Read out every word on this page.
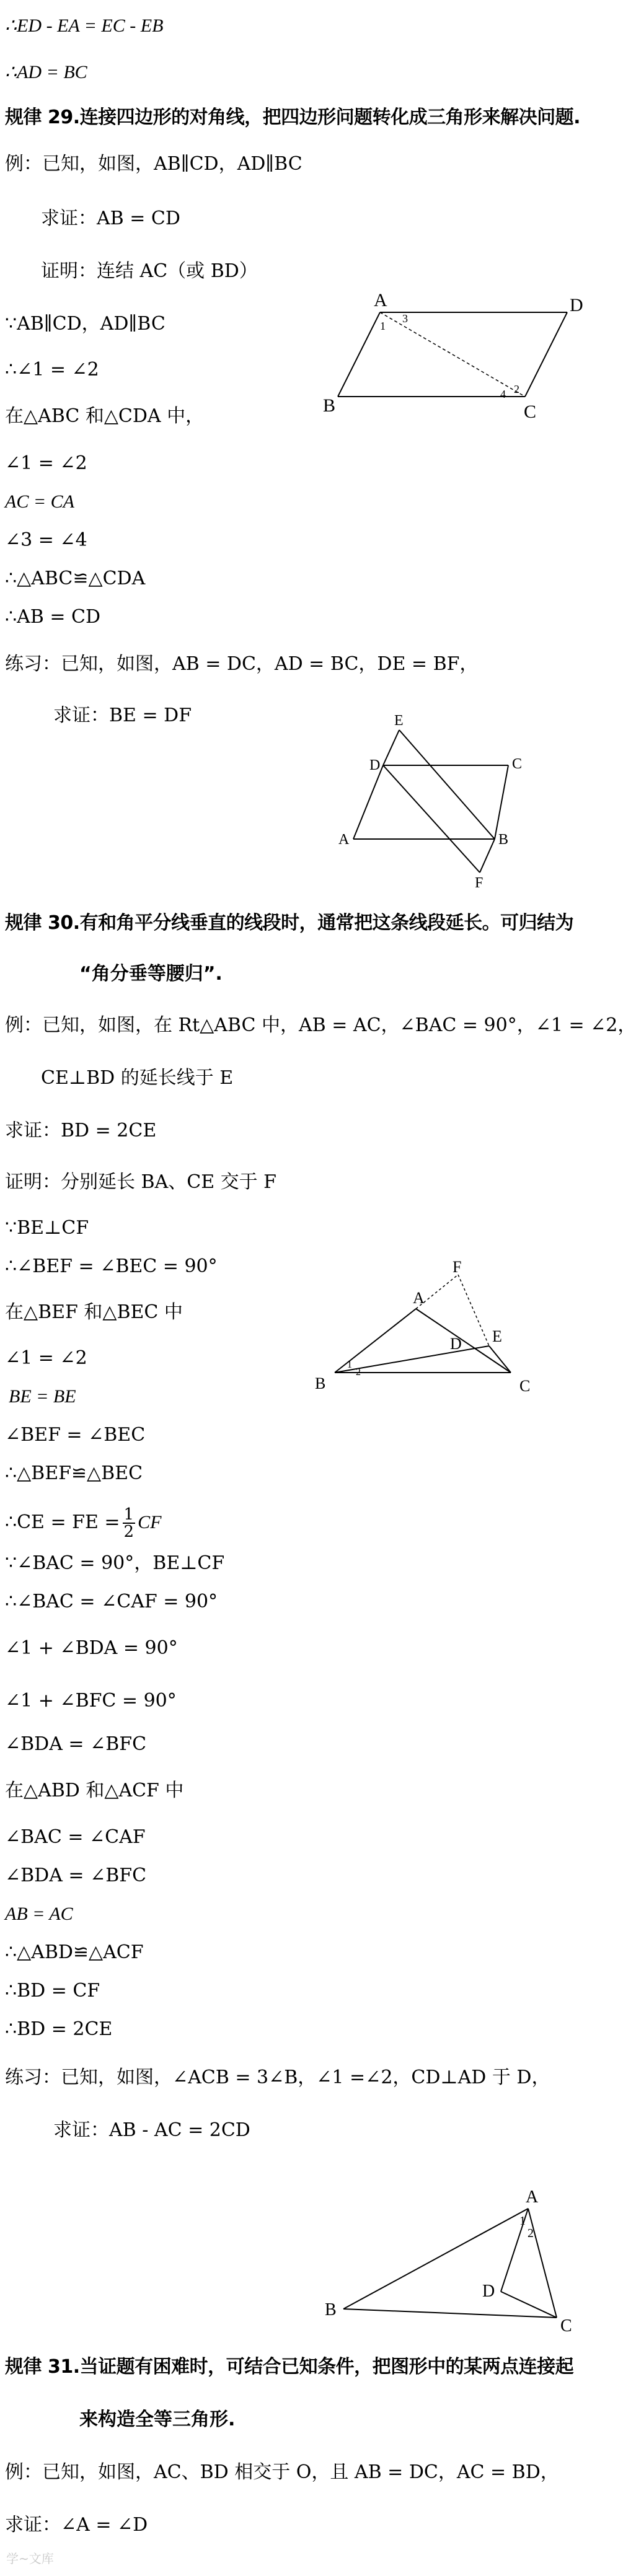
∴ED - EA = EC - EB
∴AD = BC
规律 29.连接四边形的对角线，把四边形问题转化成三角形来解决问题.
例：已知，如图，AB∥CD，AD∥BC
求证：AB = CD
证明：连结 AC（或 BD）
∵AB∥CD，AD∥BC
∴∠1 = ∠2
在△ABC 和△CDA 中，
∠1 = ∠2
AC = CA
∠3 = ∠4
∴△ABC≌△CDA
∴AB = CD
练习：已知，如图，AB = DC，AD = BC，DE = BF，
求证：BE = DF
规律 30.有和角平分线垂直的线段时，通常把这条线段延长。可归结为
“角分垂等腰归”.
例：已知，如图，在 Rt△ABC 中，AB = AC，∠BAC = 90°，∠1 = ∠2，
CE⊥BD 的延长线于 E
求证：BD = 2CE
证明：分别延长 BA、CE 交于 F
∵BE⊥CF
∴∠BEF = ∠BEC = 90°
在△BEF 和△BEC 中
∠1 = ∠2
BE = BE
∠BEF = ∠BEC
∴△BEF≌△BEC
∴CE = FE = $\frac{1}{2}$ CF
∵∠BAC = 90°，BE⊥CF
∴∠BAC = ∠CAF = 90°
∠1 + ∠BDA = 90°
∠1 + ∠BFC = 90°
∠BDA = ∠BFC
在△ABD 和△ACF 中
∠BAC = ∠CAF
∠BDA = ∠BFC
AB = AC
∴△ABD≌△ACF
∴BD = CF
∴BD = 2CE
练习：已知，如图，∠ACB = 3∠B，∠1 =∠2，CD⊥AD 于 D，
求证：AB - AC = 2CD
规律 31.当证题有困难时，可结合已知条件，把图形中的某两点连接起
来构造全等三角形.
例：已知，如图，AC、BD 相交于 O，且 AB = DC，AC = BD，
求证：∠A = ∠D
A
B	C
D
1
2
3
4
E
D	C
A	B
F
F
A
E
D
B	C
1
2
A
B
C
D
1
2
学~文库
